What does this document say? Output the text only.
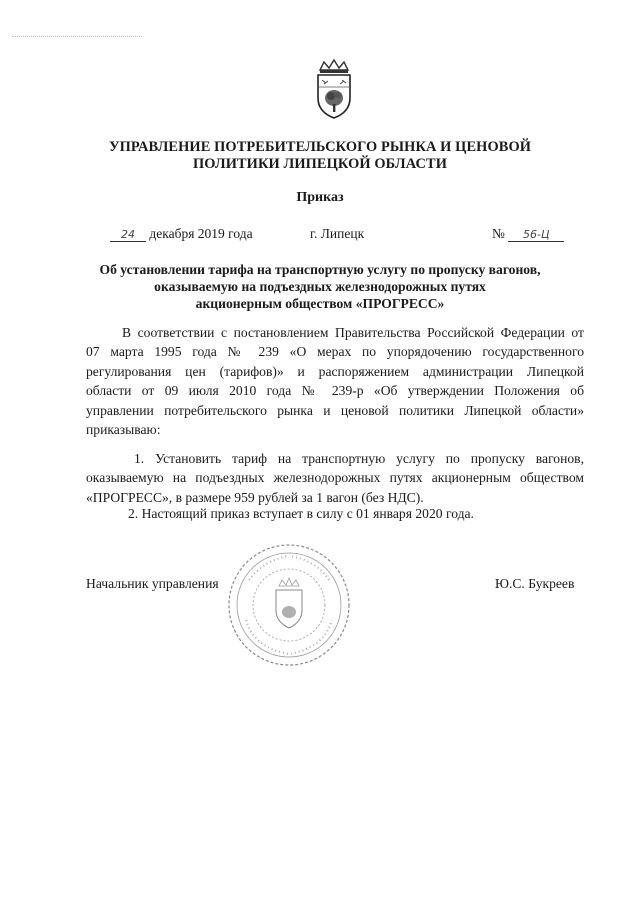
УПРАВЛЕНИЕ ПОТРЕБИТЕЛЬСКОГО РЫНКА И ЦЕНОВОЙ
ПОЛИТИКИ ЛИПЕЦКОЙ ОБЛАСТИ
Приказ
24 декабря 2019 года	г. Липецк	№ 56-Ц
Об установлении тарифа на транспортную услугу по пропуску вагонов,
оказываемую на подъездных железнодорожных путях
акционерным обществом «ПРОГРЕСС»
В соответствии с постановлением Правительства Российской Федерации от
07 марта 1995 года № 239 «О мерах по упорядочению государственного
регулирования цен (тарифов)» и распоряжением администрации Липецкой
области от 09 июля 2010 года № 239-р «Об утверждении Положения об
управлении потребительского рынка и ценовой политики Липецкой области»
приказываю:
1. Установить тариф на транспортную услугу по пропуску вагонов,
оказываемую на подъездных железнодорожных путях акционерным обществом
«ПРОГРЕСС», в размере 959 рублей за 1 вагон (без НДС).
2. Настоящий приказ вступает в силу с 01 января 2020 года.
Начальник управления	Ю.С. Букреев
